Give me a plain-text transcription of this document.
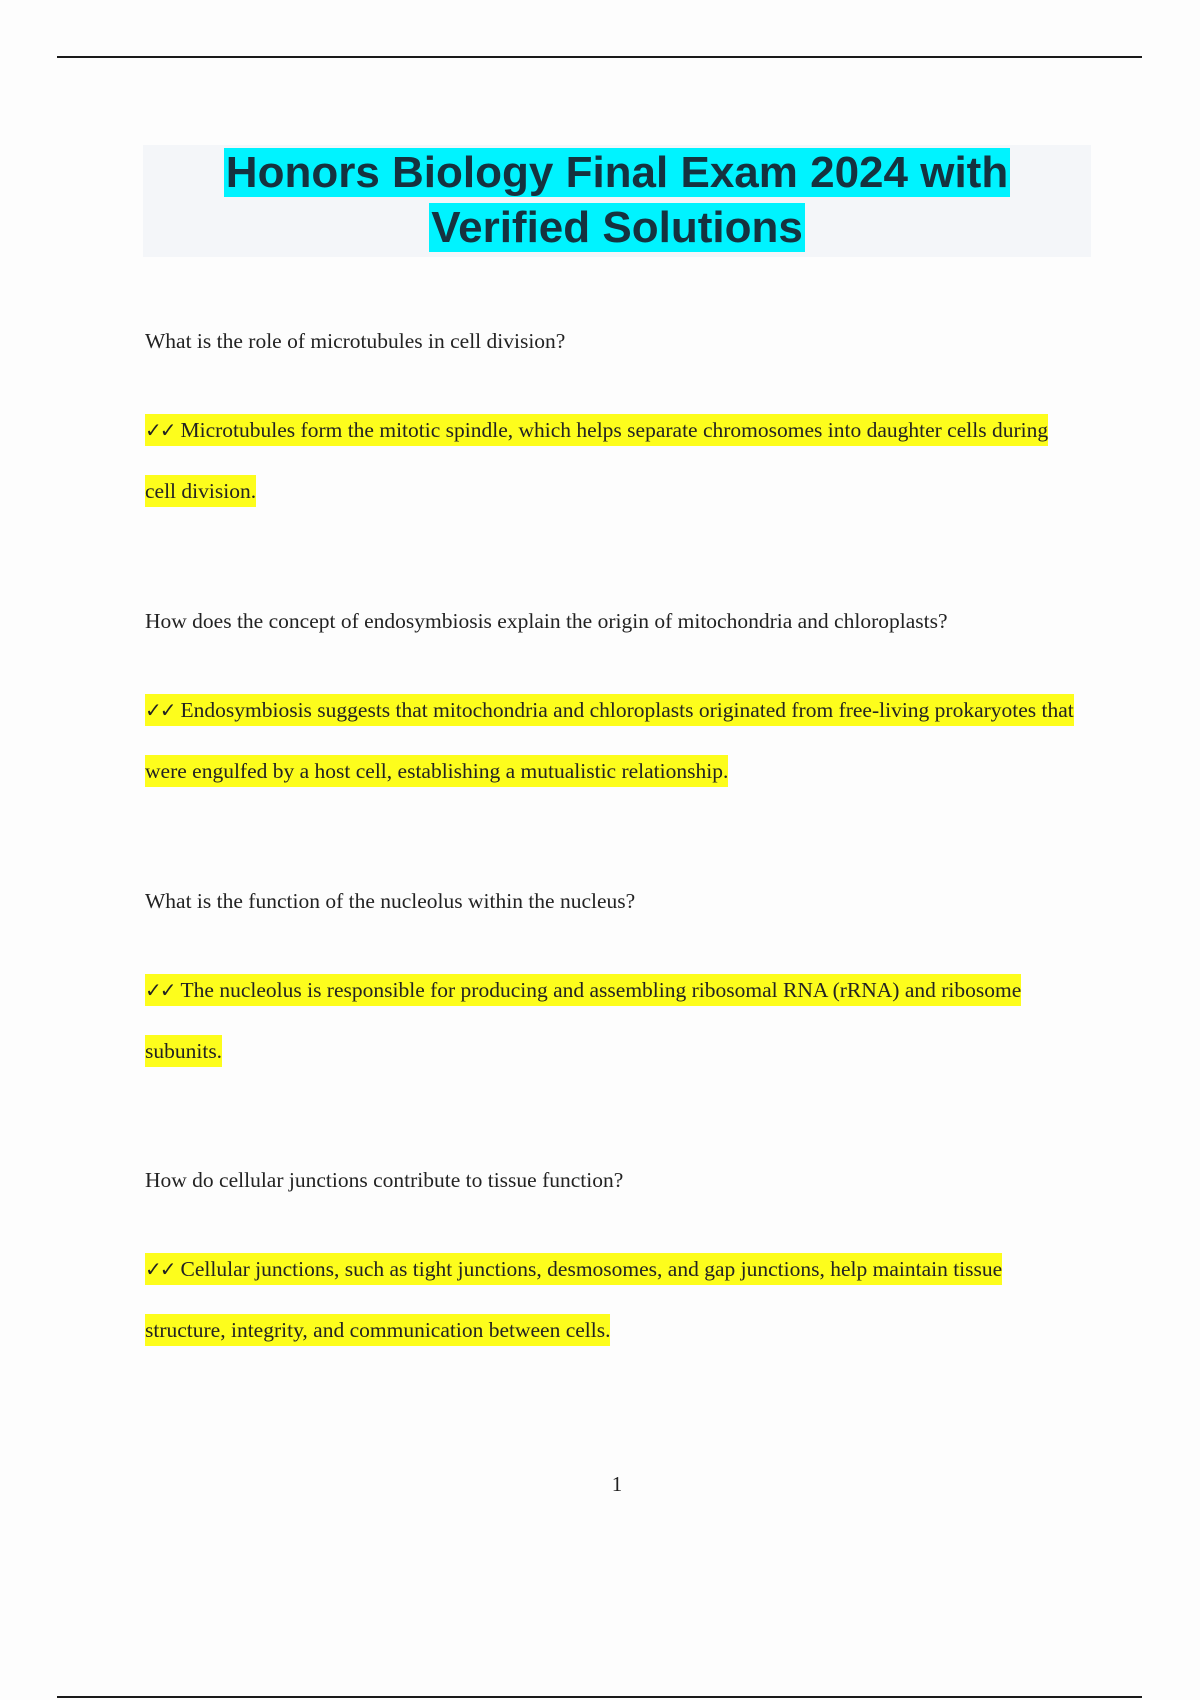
Honors Biology Final Exam 2024 with Verified Solutions

What is the role of microtubules in cell division?

✓✓ Microtubules form the mitotic spindle, which helps separate chromosomes into daughter cells during cell division.

How does the concept of endosymbiosis explain the origin of mitochondria and chloroplasts?

✓✓ Endosymbiosis suggests that mitochondria and chloroplasts originated from free-living prokaryotes that were engulfed by a host cell, establishing a mutualistic relationship.

What is the function of the nucleolus within the nucleus?

✓✓ The nucleolus is responsible for producing and assembling ribosomal RNA (rRNA) and ribosome subunits.

How do cellular junctions contribute to tissue function?

✓✓ Cellular junctions, such as tight junctions, desmosomes, and gap junctions, help maintain tissue structure, integrity, and communication between cells.

1
